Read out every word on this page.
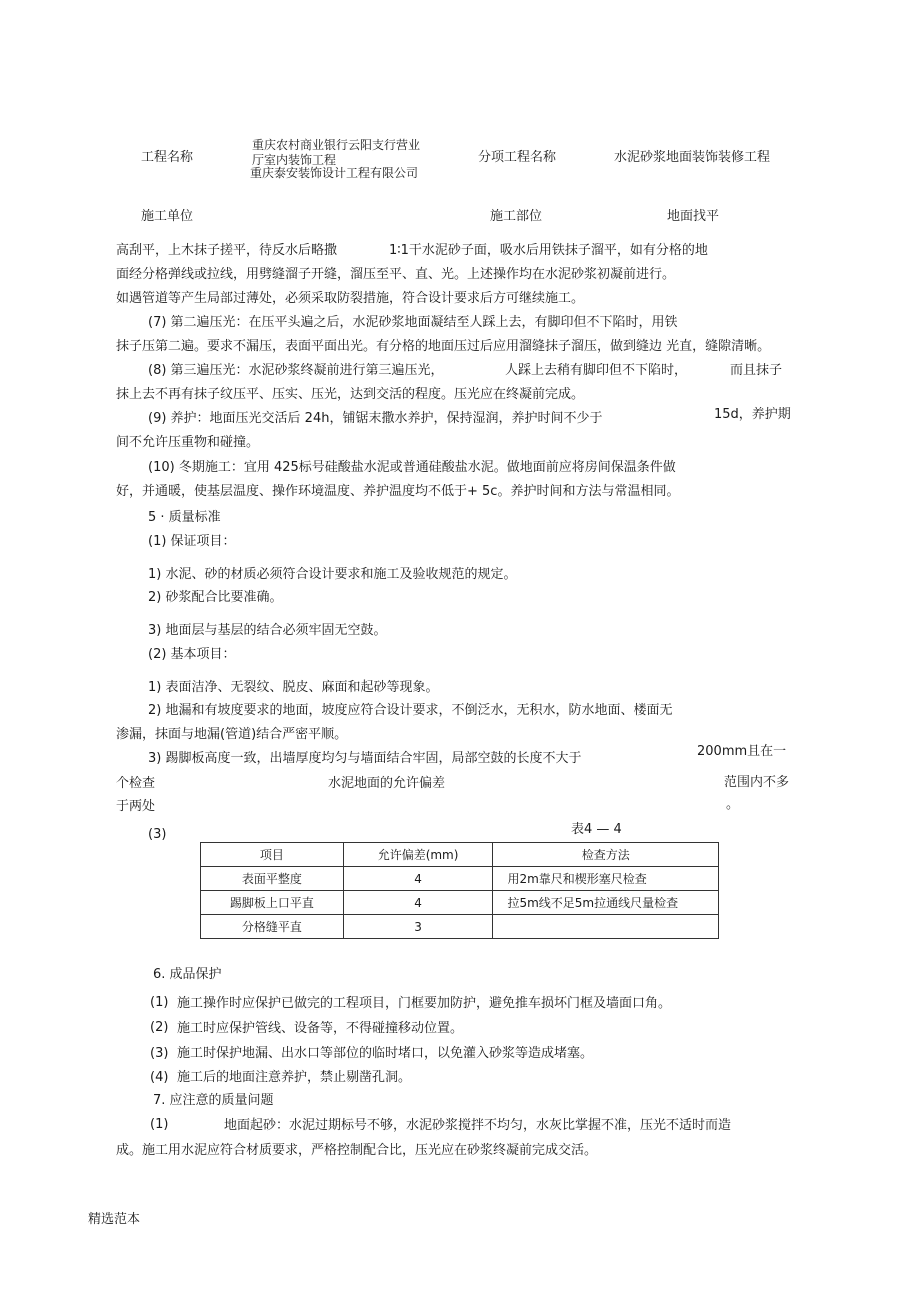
工程名称
重庆农村商业银行云阳支行营业
厅室内装饰工程
重庆泰安装饰设计工程有限公司
分项工程名称	水泥砂浆地面装饰装修工程
施工单位	施工部位	地面找平
高刮平，上木抹子搓平，待反水后略撒	1∶1干水泥砂子面，吸水后用铁抹子溜平，如有分格的地
面经分格弹线或拉线，用劈缝溜子开缝，溜压至平、直、光。上述操作均在水泥砂浆初凝前进行。
如遇管道等产生局部过薄处，必须采取防裂措施，符合设计要求后方可继续施工。
(7) 第二遍压光：在压平头遍之后，水泥砂浆地面凝结至人踩上去，有脚印但不下陷时，用铁
抹子压第二遍。要求不漏压，表面平面出光。有分格的地面压过后应用溜缝抹子溜压，做到缝边 光直，缝隙清晰。
(8) 第三遍压光：水泥砂浆终凝前进行第三遍压光，	人踩上去稍有脚印但不下陷时，	而且抹子
抹上去不再有抹子纹压平、压实、压光，达到交活的程度。压光应在终凝前完成。
(9) 养护：地面压光交活后 24h，铺锯末撒水养护，保持湿润，养护时间不少于	15d，养护期
间不允许压重物和碰撞。
(10) 冬期施工：宜用 425标号硅酸盐水泥或普通硅酸盐水泥。做地面前应将房间保温条件做
好，并通暖，使基层温度、操作环境温度、养护温度均不低于+ 5c。养护时间和方法与常温相同。
5 · 质量标准
(1) 保证项目：
1) 水泥、砂的材质必须符合设计要求和施工及验收规范的规定。
2) 砂浆配合比要准确。
3) 地面层与基层的结合必须牢固无空鼓。
(2) 基本项目：
1) 表面洁净、无裂纹、脱皮、麻面和起砂等现象。
2) 地漏和有坡度要求的地面，坡度应符合设计要求，不倒泛水，无积水，防水地面、楼面无
渗漏，抹面与地漏(管道)结合严密平顺。
3) 踢脚板高度一致，出墙厚度均匀与墙面结合牢固，局部空鼓的长度不大于	200mm且在一
个检查	范围内不多
于两处	。
水泥地面的允许偏差
(3)	表4 — 4
项目	允许偏差(mm)	检查方法
表面平整度	4	用2m靠尺和楔形塞尺检查
踢脚板上口平直	4	拉5m线不足5m拉通线尺量检查
分格缝平直	3	
6. 成品保护
(1) 施工操作时应保护已做完的工程项目，门框要加防护，避免推车损坏门框及墙面口角。
(2) 施工时应保护管线、设备等，不得碰撞移动位置。
(3) 施工时保护地漏、出水口等部位的临时堵口，以免灌入砂浆等造成堵塞。
(4) 施工后的地面注意养护，禁止剔凿孔洞。
7. 应注意的质量问题
(1)	地面起砂：水泥过期标号不够，水泥砂浆搅拌不均匀，水灰比掌握不准，压光不适时而造
成。施工用水泥应符合材质要求，严格控制配合比，压光应在砂浆终凝前完成交活。
精选范本
